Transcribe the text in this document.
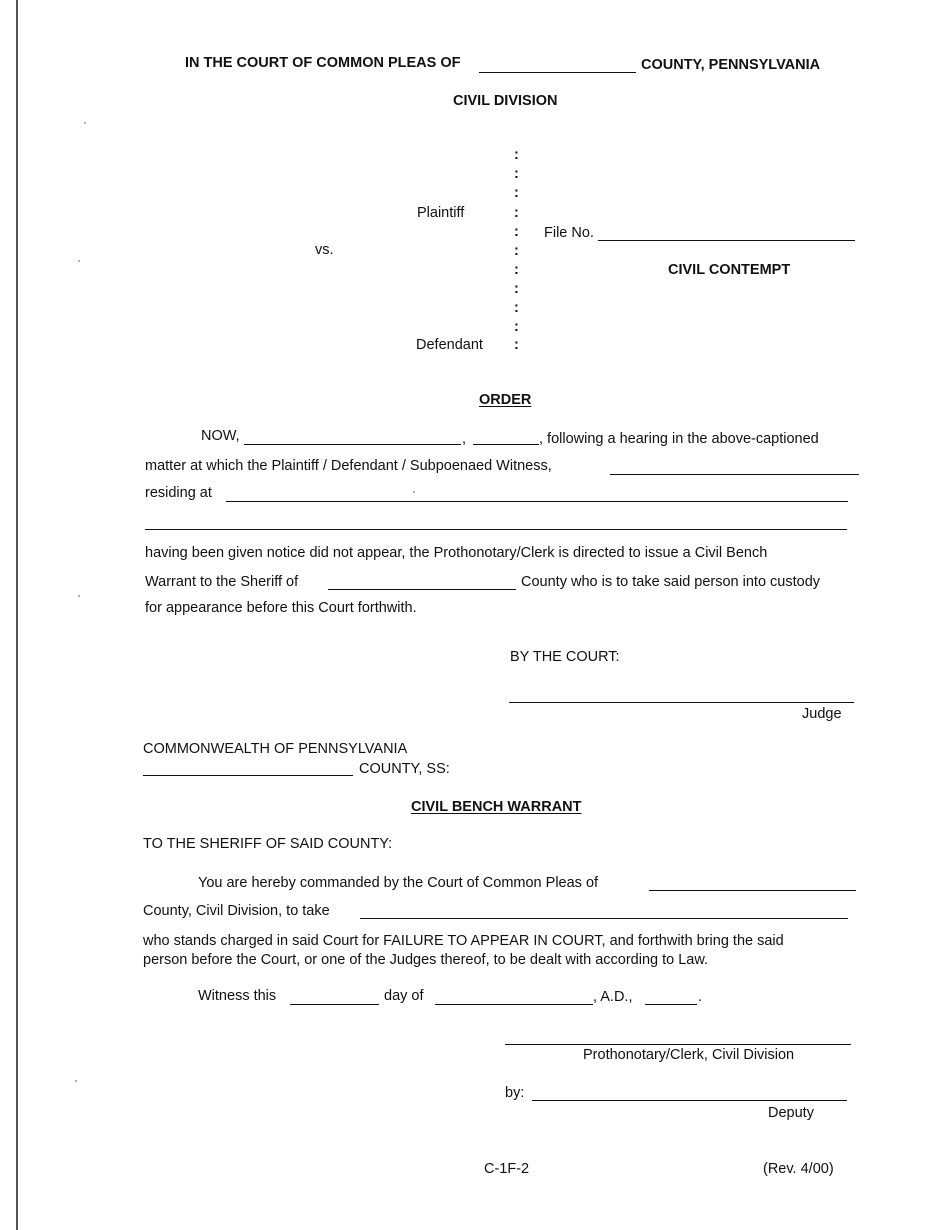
IN THE COURT OF COMMON PLEAS OF	COUNTY, PENNSYLVANIA
CIVIL DIVISION
:
:
:
:
:
:
:
:
:
:
:
Plaintiff
vs.
Defendant
File No.
CIVIL CONTEMPT
ORDER
NOW,	,	, following a hearing in the above-captioned
matter at which the Plaintiff / Defendant / Subpoenaed Witness,
residing at
having been given notice did not appear, the Prothonotary/Clerk is directed to issue a Civil Bench
Warrant to the Sheriff of	County who is to take said person into custody
for appearance before this Court forthwith.
BY THE COURT:
Judge
COMMONWEALTH OF PENNSYLVANIA
COUNTY, SS:
CIVIL BENCH WARRANT
TO THE SHERIFF OF SAID COUNTY:
You are hereby commanded by the Court of Common Pleas of
County, Civil Division, to take
who stands charged in said Court for FAILURE TO APPEAR IN COURT, and forthwith bring the said
person before the Court, or one of the Judges thereof, to be dealt with according to Law.
Witness this	day of	, A.D.,	.
Prothonotary/Clerk, Civil Division
by:
Deputy
C-1F-2	(Rev. 4/00)
